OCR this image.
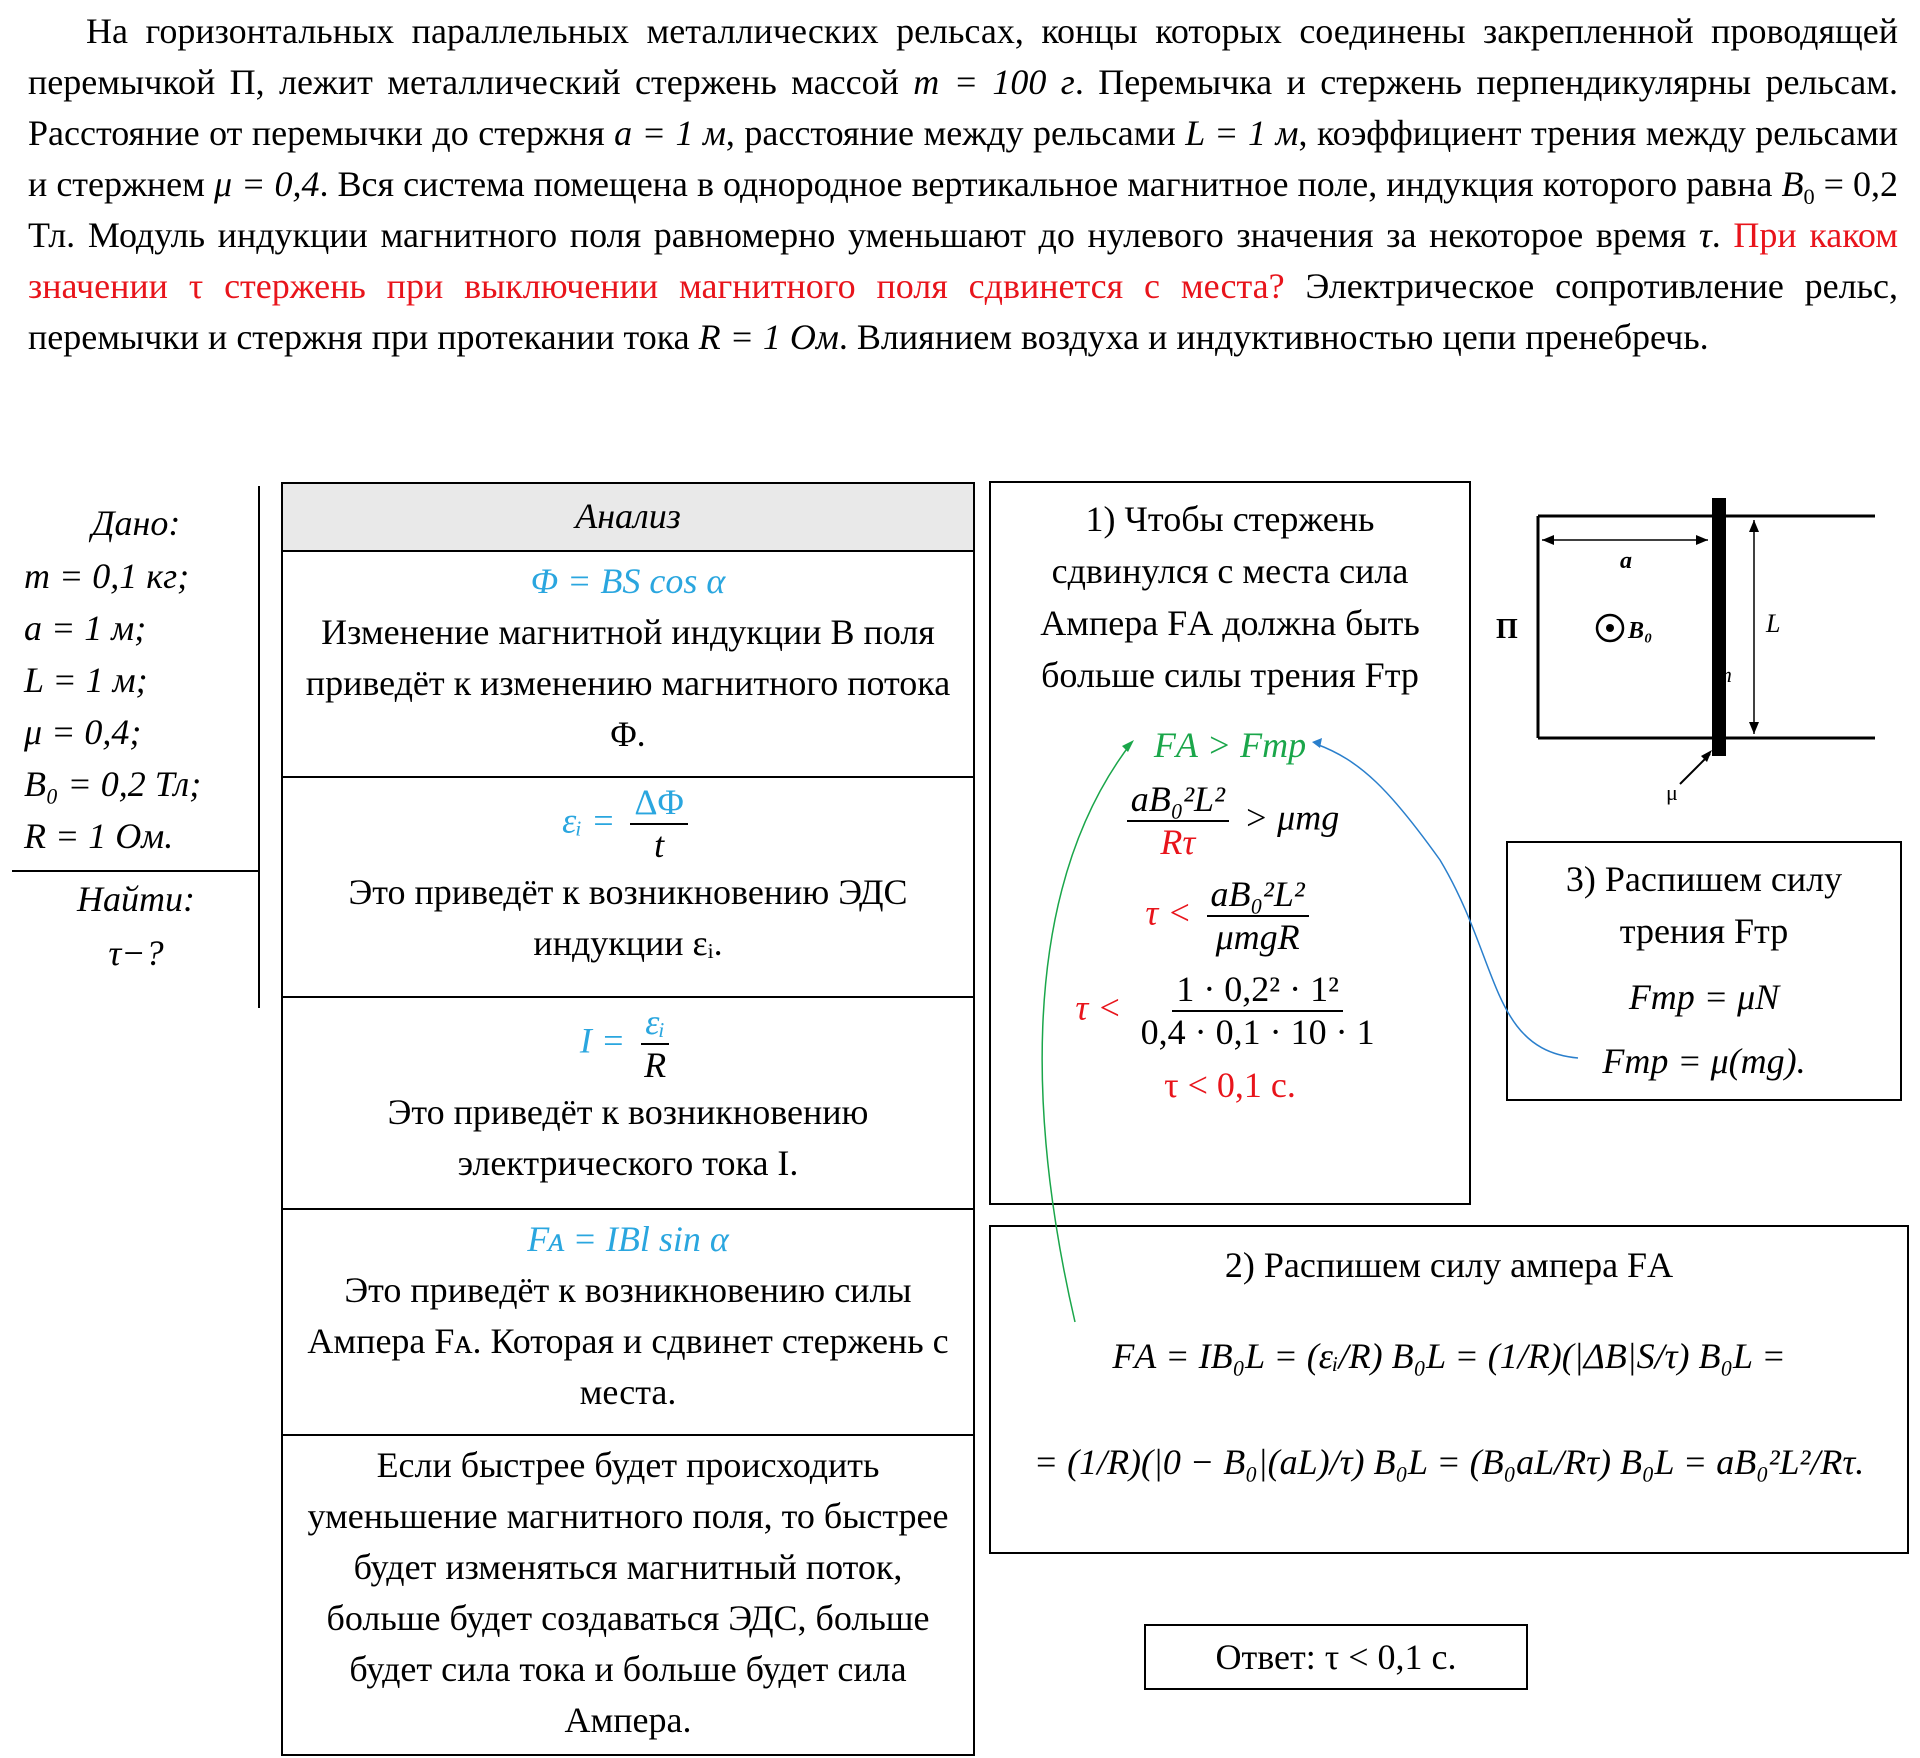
На горизонтальных параллельных металлических рельсах, концы которых соединены закрепленной проводящей перемычкой П, лежит металлический стержень массой m = 100 г. Перемычка и стержень перпендикулярны рельсам. Расстояние от перемычки до стержня a = 1 м, расстояние между рельсами L = 1 м, коэффициент трения между рельсами и стержнем μ = 0,4. Вся система помещена в однородное вертикальное магнитное поле, индукция которого равна $B_0 = 0,2$ Тл. Модуль индукции магнитного поля равномерно уменьшают до нулевого значения за некоторое время τ. При каком значении τ стержень при выключении магнитного поля сдвинется с места? Электрическое сопротивление рельс, перемычки и стержня при протекании тока R = 1 Ом. Влиянием воздуха и индуктивностью цепи пренебречь.

Дано:
m = 0,1 кг;
a = 1 м;
L = 1 м;
μ = 0,4;
B₀ = 0,2 Тл;
R = 1 Ом.
Найти:
τ−?
Анализ
Φ = BS cos α
Изменение магнитной индукции B поля приведёт к изменению магнитного потока Φ.
εᵢ = $\frac{\Delta\Phi}{t}$
Это приведёт к возникновению ЭДС индукции εᵢ.
$I = \frac{\text{εᵢ}}{R}$
Это приведёт к возникновению электрического тока I.
Fᴀ = IBl sin α
Это приведёт к возникновению силы Ампера Fᴀ. Которая и сдвинет стержень с места.
Если быстрее будет происходить уменьшение магнитного поля, то быстрее будет изменяться магнитный поток, больше будет создаваться ЭДС, больше будет сила тока и больше будет сила Ампера.
1) Чтобы стержень сдвинулся с места сила Ампера FА должна быть больше силы трения Fтр
FА > Fтр
$\frac{\text{aB₀²L²}}{R\tau} > \mu mg$
$\tau < \frac{\text{aB₀²L²}}{\text{μmgR}}$
$\tau < \frac{\text{1 · 0,2² · 1²}}{0,4 \cdot 0,1 \cdot 10 \cdot 1}$
τ < 0,1 с.
2) Распишем силу ампера FА
FА = IB₀L = (εᵢ/R) B₀L = (1/R)(|ΔB|S/τ) B₀L =
= (1/R)(|0 − B₀|(aL)/τ) B₀L = (B₀aL/Rτ) B₀L = aB₀²L²/Rτ.
3) Распишем силу трения Fтр
Fтр = μN
Fтр = μ(mg).
a
L
П	B₀
m
μ
Ответ: τ < 0,1 с.
